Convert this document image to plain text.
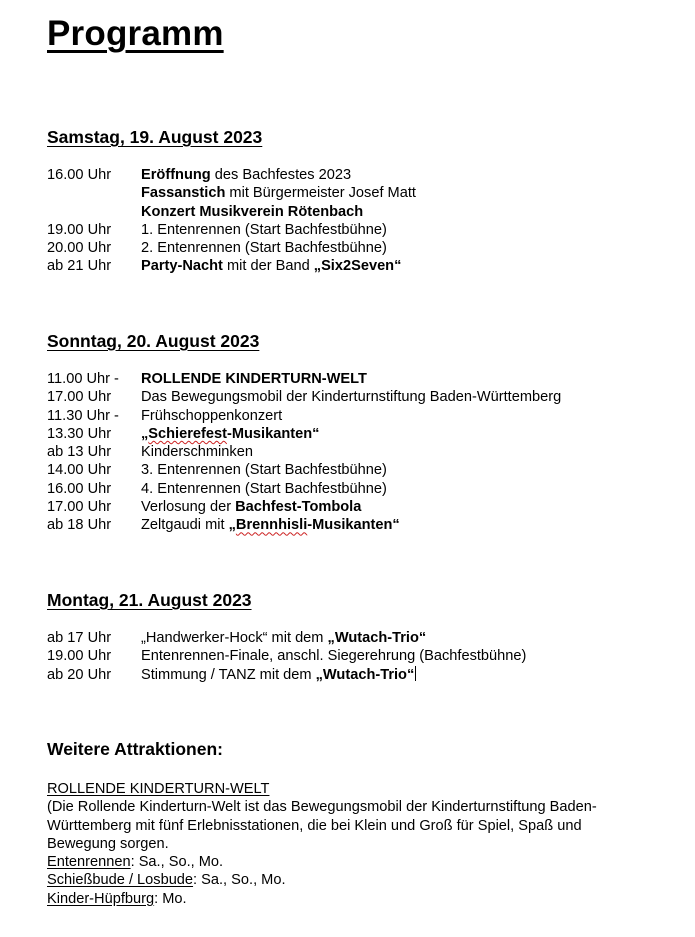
Programm
Samstag, 19. August 2023
16.00 Uhr	Eröffnung des Bachfestes 2023
Fassanstich mit Bürgermeister Josef Matt
Konzert Musikverein Rötenbach
19.00 Uhr	1. Entenrennen (Start Bachfestbühne)
20.00 Uhr	2. Entenrennen (Start Bachfestbühne)
ab 21 Uhr	Party-Nacht mit der Band „Six2Seven“
Sonntag, 20. August 2023
11.00 Uhr -	ROLLENDE KINDERTURN-WELT
17.00 Uhr	Das Bewegungsmobil der Kinderturnstiftung Baden-Württemberg
11.30 Uhr -	Frühschoppenkonzert
13.30 Uhr	„Schierefest-Musikanten“
ab 13 Uhr	Kinderschminken
14.00 Uhr	3. Entenrennen (Start Bachfestbühne)
16.00 Uhr	4. Entenrennen (Start Bachfestbühne)
17.00 Uhr	Verlosung der Bachfest-Tombola
ab 18 Uhr	Zeltgaudi mit „Brennhisli-Musikanten“
Montag, 21. August 2023
ab 17 Uhr	„Handwerker-Hock“ mit dem „Wutach-Trio“
19.00 Uhr	Entenrennen-Finale, anschl. Siegerehrung (Bachfestbühne)
ab 20 Uhr	Stimmung / TANZ mit dem „Wutach-Trio“
Weitere Attraktionen:
ROLLENDE KINDERTURN-WELT
(Die Rollende Kinderturn-Welt ist das Bewegungsmobil der Kinderturnstiftung Baden-
Württemberg mit fünf Erlebnisstationen, die bei Klein und Groß für Spiel, Spaß und
Bewegung sorgen.
Entenrennen: Sa., So., Mo.
Schießbude / Losbude: Sa., So., Mo.
Kinder-Hüpfburg: Mo.
